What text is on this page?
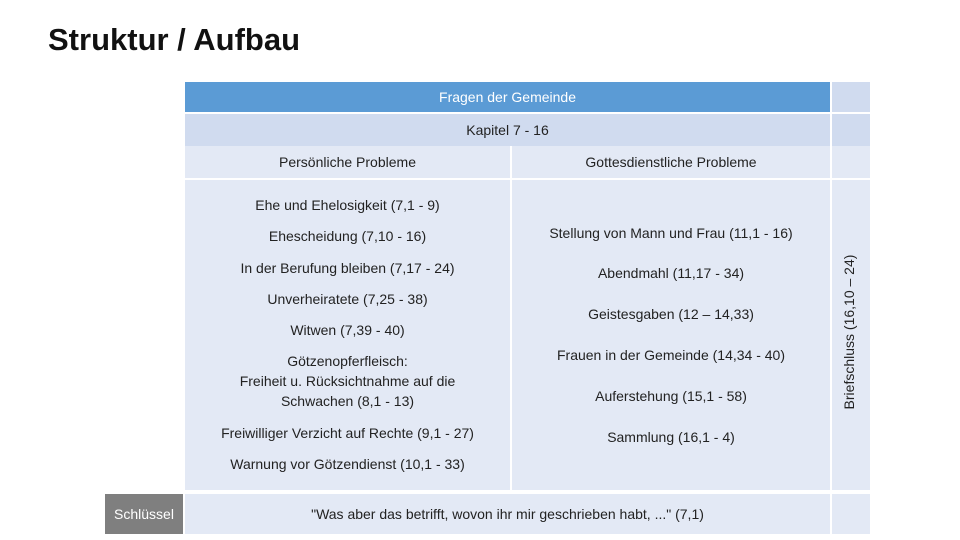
Struktur / Aufbau
Fragen der Gemeinde
Kapitel 7 - 16
Persönliche Probleme	Gottesdienstliche Probleme
Ehe und Ehelosigkeit (7,1 - 9)
Ehescheidung (7,10 - 16)
In der Berufung bleiben (7,17 - 24)
Unverheiratete (7,25 - 38)
Witwen (7,39 - 40)
Götzenopferfleisch:
Freiheit u. Rücksichtnahme auf die
Schwachen (8,1 - 13)
Freiwilliger Verzicht auf Rechte (9,1 - 27)
Warnung vor Götzendienst (10,1 - 33)
Stellung von Mann und Frau (11,1 - 16)
Abendmahl (11,17 - 34)
Geistesgaben (12 – 14,33)
Frauen in der Gemeinde (14,34 - 40)
Auferstehung (15,1 - 58)
Sammlung (16,1 - 4)
Briefschluss (16,10 – 24)
Schlüssel	"Was aber das betrifft, wovon ihr mir geschrieben habt, ..." (7,1)
